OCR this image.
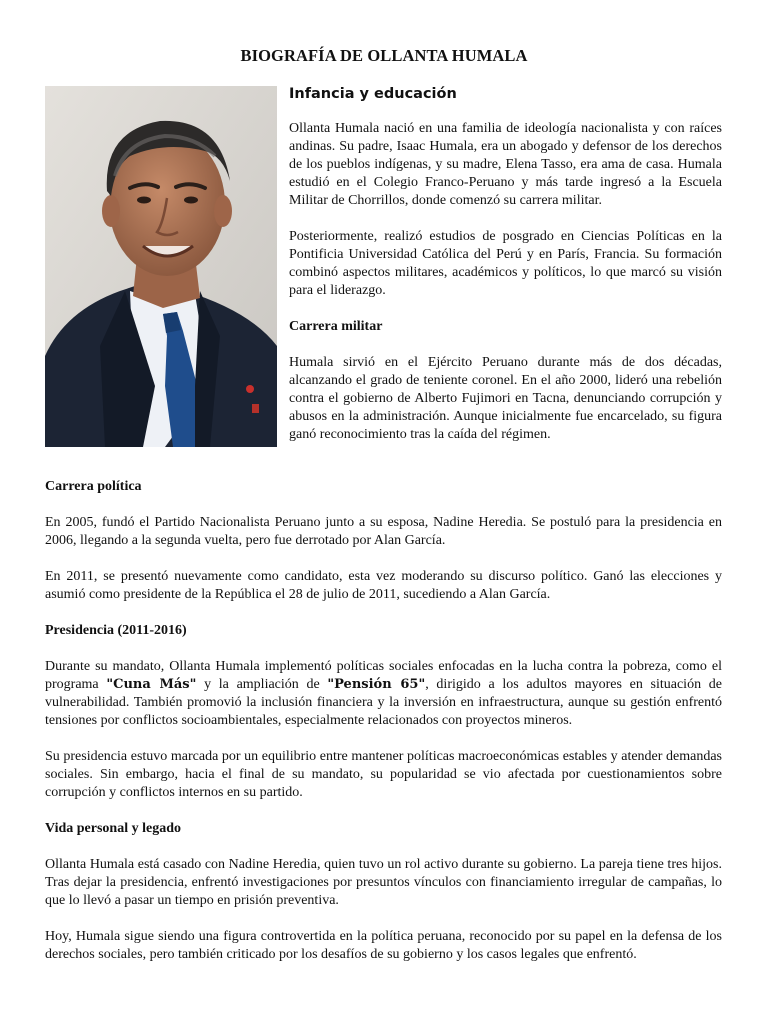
BIOGRAFÍA DE OLLANTA HUMALA
Infancia y educación

Ollanta Humala nació en una familia de ideología nacionalista y con raíces andinas. Su padre, Isaac Humala, era un abogado y defensor de los derechos de los pueblos indígenas, y su madre, Elena Tasso, era ama de casa. Humala estudió en el Colegio Franco-Peruano y más tarde ingresó a la Escuela Militar de Chorrillos, donde comenzó su carrera militar.

Posteriormente, realizó estudios de posgrado en Ciencias Políticas en la Pontificia Universidad Católica del Perú y en París, Francia. Su formación combinó aspectos militares, académicos y políticos, lo que marcó su visión para el liderazgo.

Carrera militar

Humala sirvió en el Ejército Peruano durante más de dos décadas, alcanzando el grado de teniente coronel. En el año 2000, lideró una rebelión contra el gobierno de Alberto Fujimori en Tacna, denunciando corrupción y abusos en la administración. Aunque inicialmente fue encarcelado, su figura ganó reconocimiento tras la caída del régimen.

Carrera política

En 2005, fundó el Partido Nacionalista Peruano junto a su esposa, Nadine Heredia. Se postuló para la presidencia en 2006, llegando a la segunda vuelta, pero fue derrotado por Alan García.

En 2011, se presentó nuevamente como candidato, esta vez moderando su discurso político. Ganó las elecciones y asumió como presidente de la República el 28 de julio de 2011, sucediendo a Alan García.

Presidencia (2011-2016)

Durante su mandato, Ollanta Humala implementó políticas sociales enfocadas en la lucha contra la pobreza, como el programa "Cuna Más" y la ampliación de "Pensión 65", dirigido a los adultos mayores en situación de vulnerabilidad. También promovió la inclusión financiera y la inversión en infraestructura, aunque su gestión enfrentó tensiones por conflictos socioambientales, especialmente relacionados con proyectos mineros.

Su presidencia estuvo marcada por un equilibrio entre mantener políticas macroeconómicas estables y atender demandas sociales. Sin embargo, hacia el final de su mandato, su popularidad se vio afectada por cuestionamientos sobre corrupción y conflictos internos en su partido.

Vida personal y legado

Ollanta Humala está casado con Nadine Heredia, quien tuvo un rol activo durante su gobierno. La pareja tiene tres hijos. Tras dejar la presidencia, enfrentó investigaciones por presuntos vínculos con financiamiento irregular de campañas, lo que lo llevó a pasar un tiempo en prisión preventiva.

Hoy, Humala sigue siendo una figura controvertida en la política peruana, reconocido por su papel en la defensa de los derechos sociales, pero también criticado por los desafíos de su gobierno y los casos legales que enfrentó.
